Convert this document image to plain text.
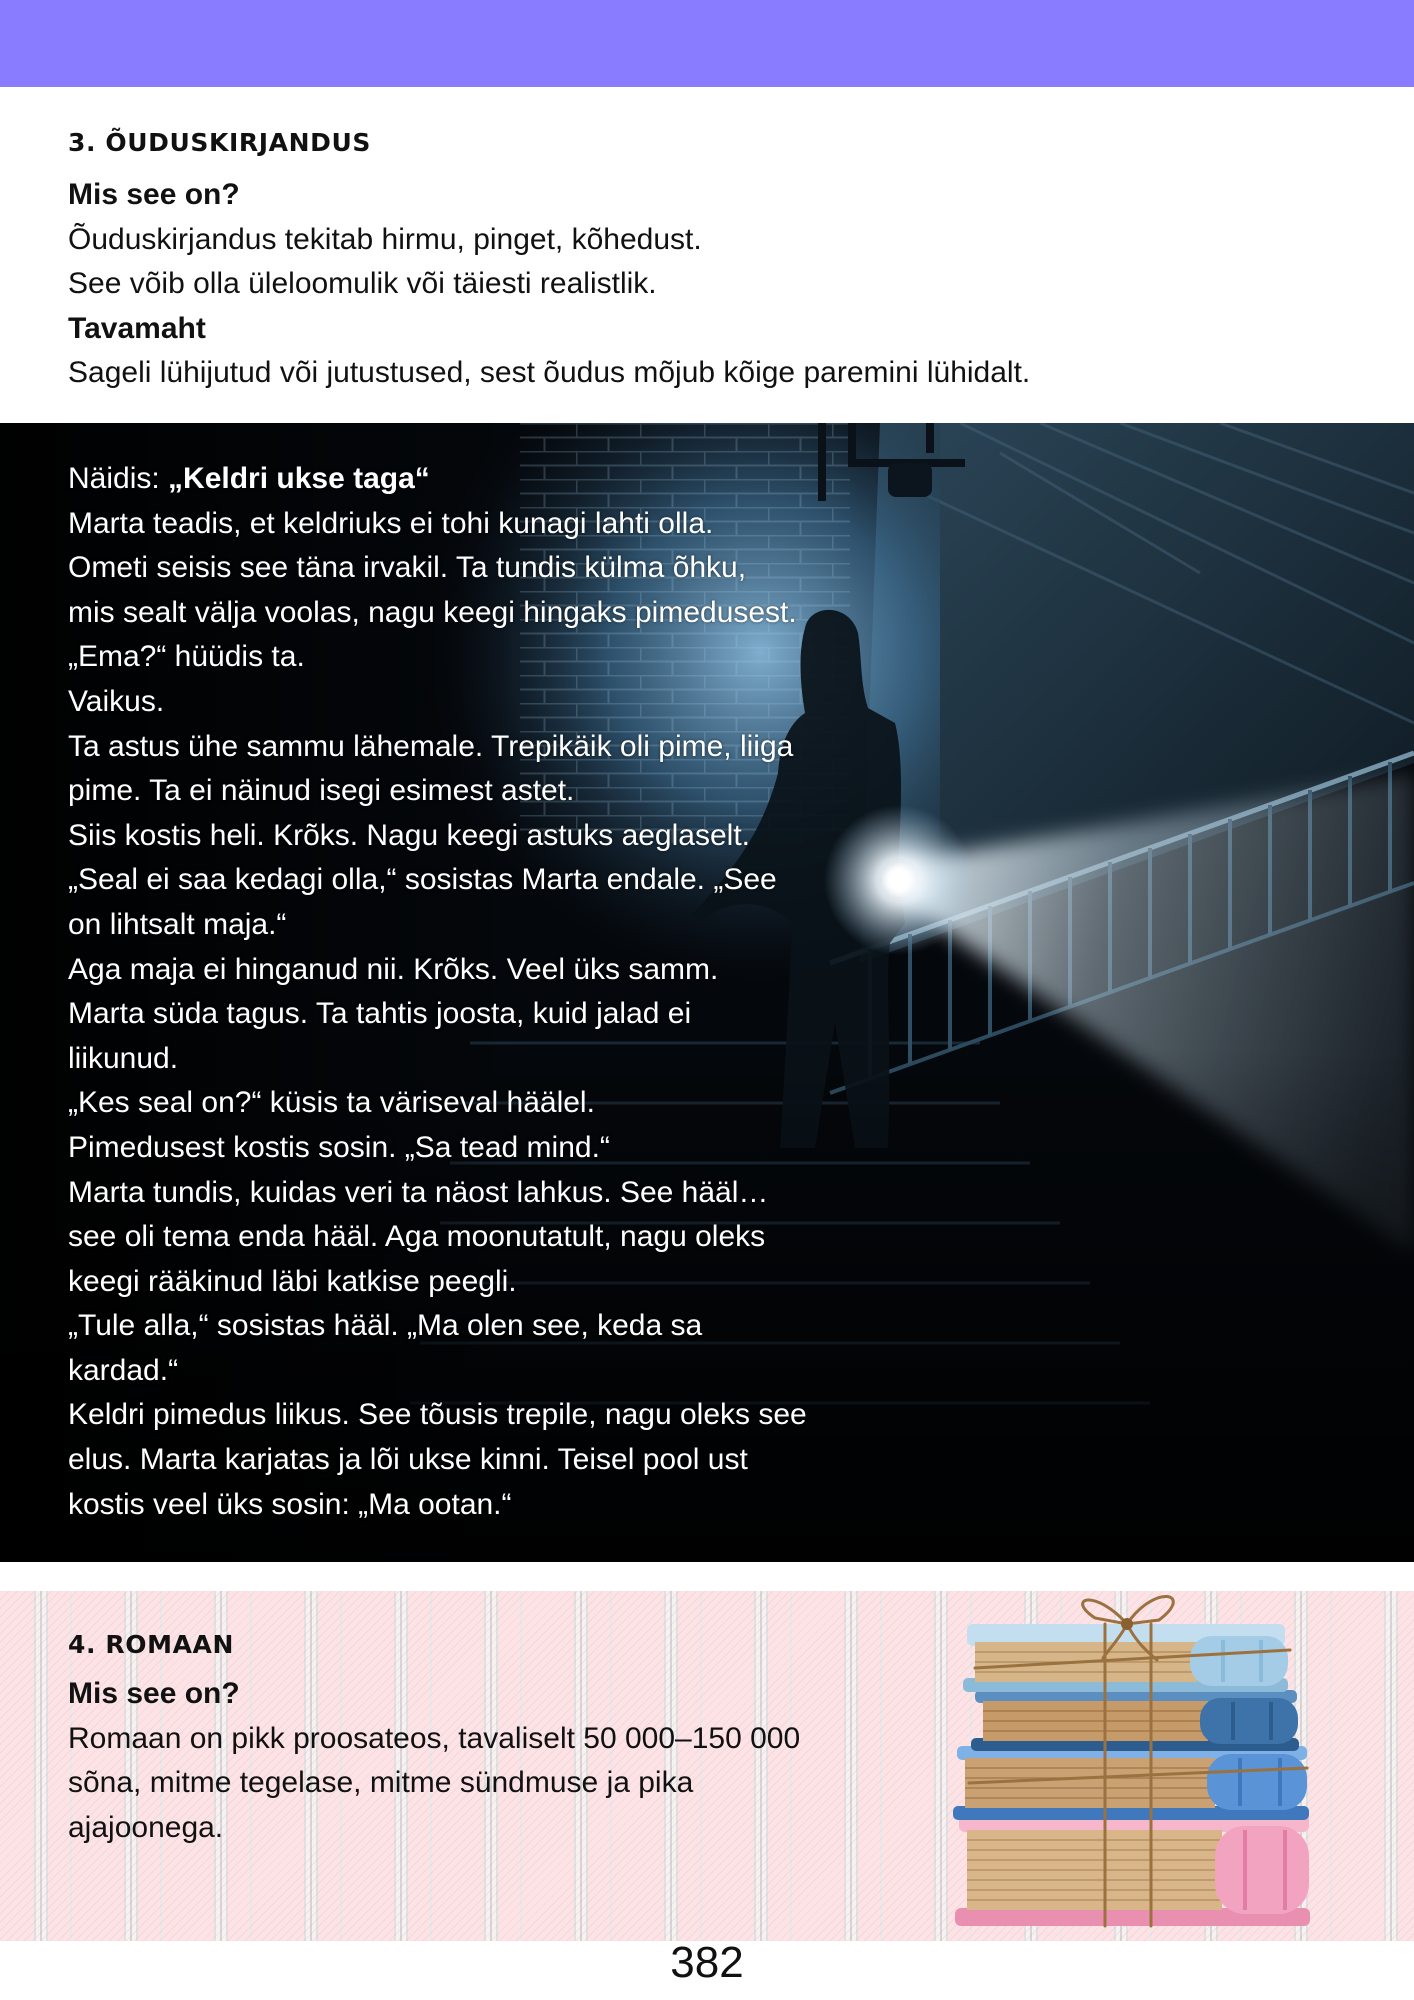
3. ÕUDUSKIRJANDUS
Mis see on?
Õuduskirjandus tekitab hirmu, pinget, kõhedust.
See võib olla üleloomulik või täiesti realistlik.
Tavamaht
Sageli lühijutud või jutustused, sest õudus mõjub kõige paremini lühidalt.
Näidis: „Keldri ukse taga“
Marta teadis, et keldriuks ei tohi kunagi lahti olla.
Ometi seisis see täna irvakil. Ta tundis külma õhku,
mis sealt välja voolas, nagu keegi hingaks pimedusest.
„Ema?“ hüüdis ta.
Vaikus.
Ta astus ühe sammu lähemale. Trepikäik oli pime, liiga
pime. Ta ei näinud isegi esimest astet.
Siis kostis heli. Krõks. Nagu keegi astuks aeglaselt.
„Seal ei saa kedagi olla,“ sosistas Marta endale. „See
on lihtsalt maja.“
Aga maja ei hinganud nii. Krõks. Veel üks samm.
Marta süda tagus. Ta tahtis joosta, kuid jalad ei
liikunud.
„Kes seal on?“ küsis ta väriseval häälel.
Pimedusest kostis sosin. „Sa tead mind.“
Marta tundis, kuidas veri ta näost lahkus. See hääl…
see oli tema enda hääl. Aga moonutatult, nagu oleks
keegi rääkinud läbi katkise peegli.
„Tule alla,“ sosistas hääl. „Ma olen see, keda sa
kardad.“
Keldri pimedus liikus. See tõusis trepile, nagu oleks see
elus. Marta karjatas ja lõi ukse kinni. Teisel pool ust
kostis veel üks sosin: „Ma ootan.“
4. ROMAAN
Mis see on?
Romaan on pikk proosateos, tavaliselt 50 000–150 000
sõna, mitme tegelase, mitme sündmuse ja pika
ajajoonega.
382
